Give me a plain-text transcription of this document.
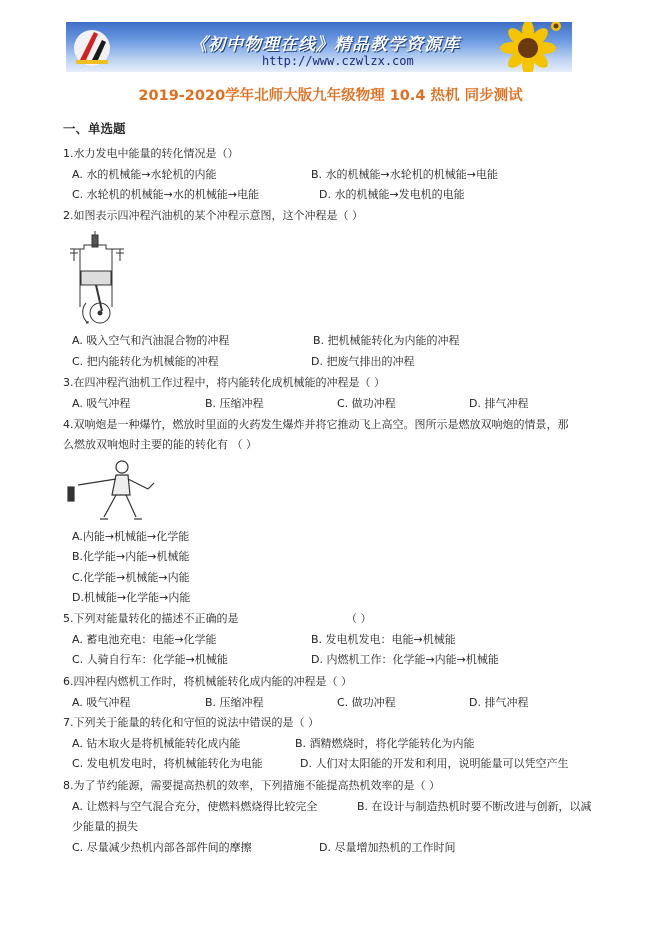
《初中物理在线》精品教学资源库
http://www.czwlzx.com
2019-2020学年北师大版九年级物理 10.4 热机 同步测试
一、单选题
1.水力发电中能量的转化情况是（）
A. 水的机械能→水轮机的内能	B. 水的机械能→水轮机的机械能→电能
C. 水轮机的机械能→水的机械能→电能	D. 水的机械能→发电机的电能
2.如图表示四冲程汽油机的某个冲程示意图，这个冲程是（ ）
A. 吸入空气和汽油混合物的冲程	B. 把机械能转化为内能的冲程
C. 把内能转化为机械能的冲程	D. 把废气排出的冲程
3.在四冲程汽油机工作过程中，将内能转化成机械能的冲程是（ ）
A. 吸气冲程	B. 压缩冲程	C. 做功冲程	D. 排气冲程
4.双响炮是一种爆竹，燃放时里面的火药发生爆炸并将它推动飞上高空。图所示是燃放双响炮的情景，那
么燃放双响炮时主要的能的转化有 （ ）
A.内能→机械能→化学能
B.化学能→内能→机械能
C.化学能→机械能→内能
D.机械能→化学能→内能
5.下列对能量转化的描述不正确的是	（ ）
A. 蓄电池充电：电能→化学能	B. 发电机发电：电能→机械能
C. 人骑自行车：化学能→机械能	D. 内燃机工作：化学能→内能→机械能
6.四冲程内燃机工作时，将机械能转化成内能的冲程是（ ）
A. 吸气冲程	B. 压缩冲程	C. 做功冲程	D. 排气冲程
7.下列关于能量的转化和守恒的说法中错误的是（ ）
A. 钻木取火是将机械能转化成内能	B. 酒精燃烧时，将化学能转化为内能
C. 发电机发电时，将机械能转化为电能	D. 人们对太阳能的开发和利用，说明能量可以凭空产生
8.为了节约能源，需要提高热机的效率，下列措施不能提高热机效率的是（ ）
A. 让燃料与空气混合充分，使燃料燃烧得比较完全	B. 在设计与制造热机时要不断改进与创新，以减
少能量的损失
C. 尽量减少热机内部各部件间的摩擦	D. 尽量增加热机的工作时间
